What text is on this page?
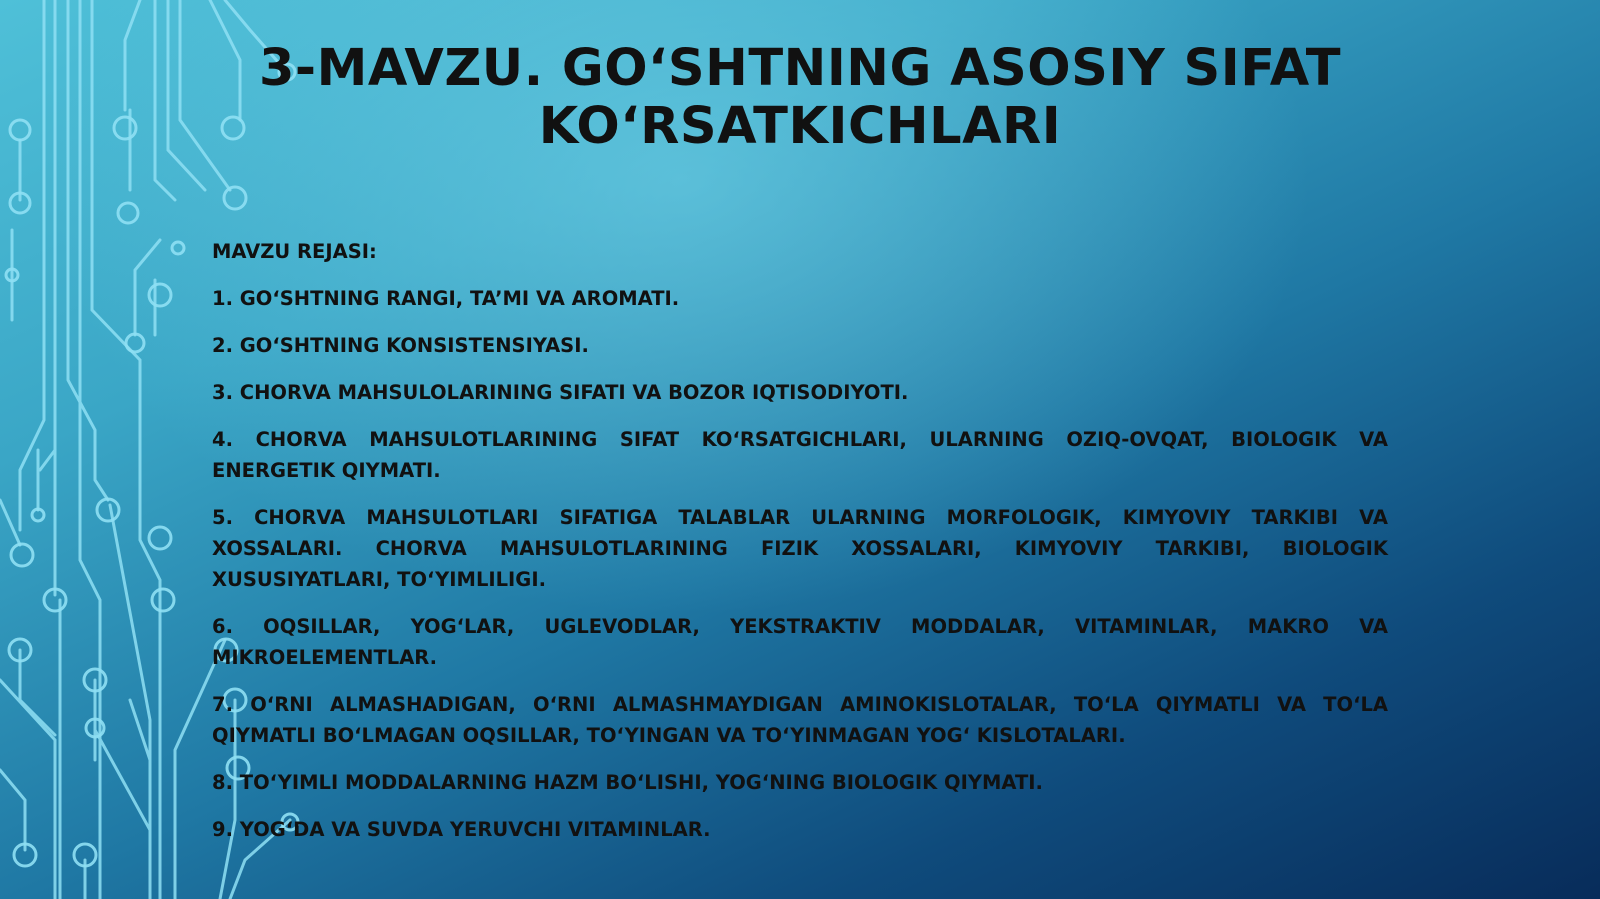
3-MAVZU. GO‘SHTNING ASOSIY SIFAT
KO‘RSATKICHLARI

MAVZU REJASI:

1. GO‘SHTNING RANGI, TA’MI VA AROMATI.

2. GO‘SHTNING KONSISTENSIYASI.

3. CHORVA MAHSULOLARINING SIFATI VA BOZOR IQTISODIYOTI.

4. CHORVA MAHSULOTLARINING SIFAT KO‘RSATGICHLARI, ULARNING OZIQ-OVQAT, BIOLOGIK VA ENERGETIK QIYMATI.

5. CHORVA MAHSULOTLARI SIFATIGA TALABLAR ULARNING MORFOLOGIK, KIMYOVIY TARKIBI VA XOSSALARI. CHORVA MAHSULOTLARINING FIZIK XOSSALARI, KIMYOVIY TARKIBI, BIOLOGIK XUSUSIYATLARI, TO‘YIMLILIGI.

6. OQSILLAR, YOG‘LAR, UGLEVODLAR, YEKSTRAKTIV MODDALAR, VITAMINLAR, MAKRO VA MIKROELEMENTLAR.

7. O‘RNI ALMASHADIGAN, O‘RNI ALMASHMAYDIGAN AMINOKISLOTALAR, TO‘LA QIYMATLI VA TO‘LA QIYMATLI BO‘LMAGAN OQSILLAR, TO‘YINGAN VA TO‘YINMAGAN YOG‘ KISLOTALARI.

8. TO‘YIMLI MODDALARNING HAZM BO‘LISHI, YOG‘NING BIOLOGIK QIYMATI.

9. YOG‘DA VA SUVDA YERUVCHI VITAMINLAR.
